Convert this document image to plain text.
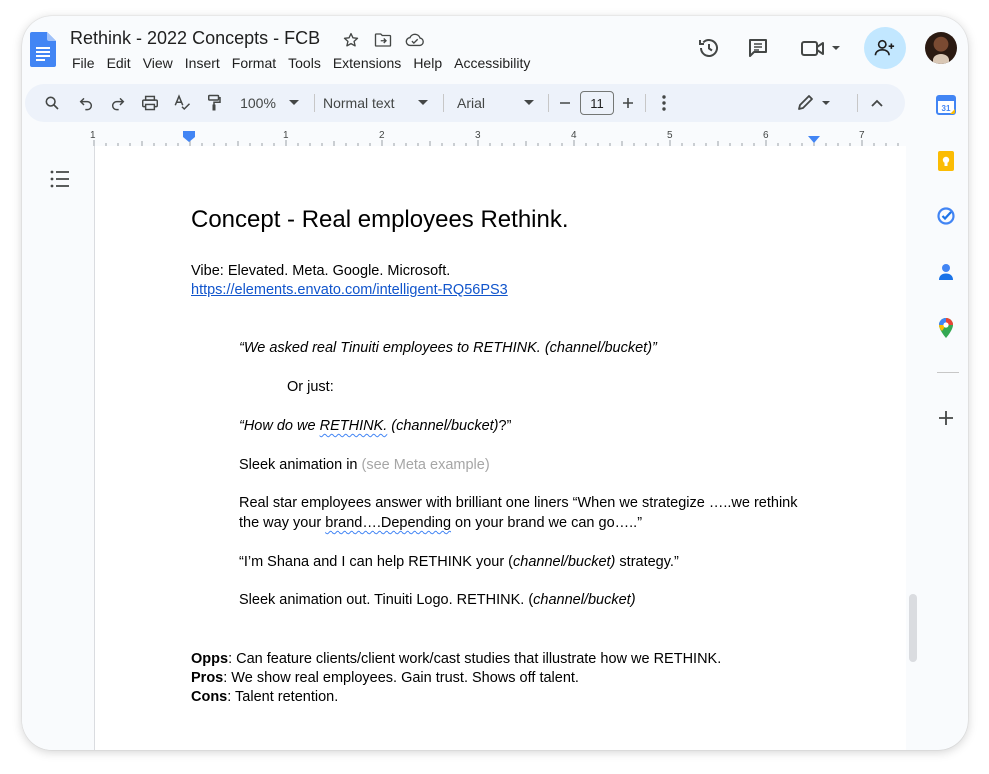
Rethink - 2022 Concepts - FCB
File Edit View Insert Format Tools Extensions Help Accessibility
100%	Normal text	Arial	11
1	1	2	3	4	5	6	7
Concept - Real employees Rethink.
Vibe: Elevated. Meta. Google. Microsoft.
https://elements.envato.com/intelligent-RQ56PS3
“We asked real Tinuiti employees to RETHINK. (channel/bucket)”
Or just:
“How do we RETHINK. (channel/bucket)?”
Sleek animation in (see Meta example)
Real star employees answer with brilliant one liners “When we strategize …..we rethink
the way your brand….Depending on your brand we can go…..”
“I’m Shana and I can help RETHINK your (channel/bucket) strategy.”
Sleek animation out. Tinuiti Logo. RETHINK. (channel/bucket)
Opps: Can feature clients/client work/cast studies that illustrate how we RETHINK.
Pros: We show real employees. Gain trust. Shows off talent.
Cons: Talent retention.
31
